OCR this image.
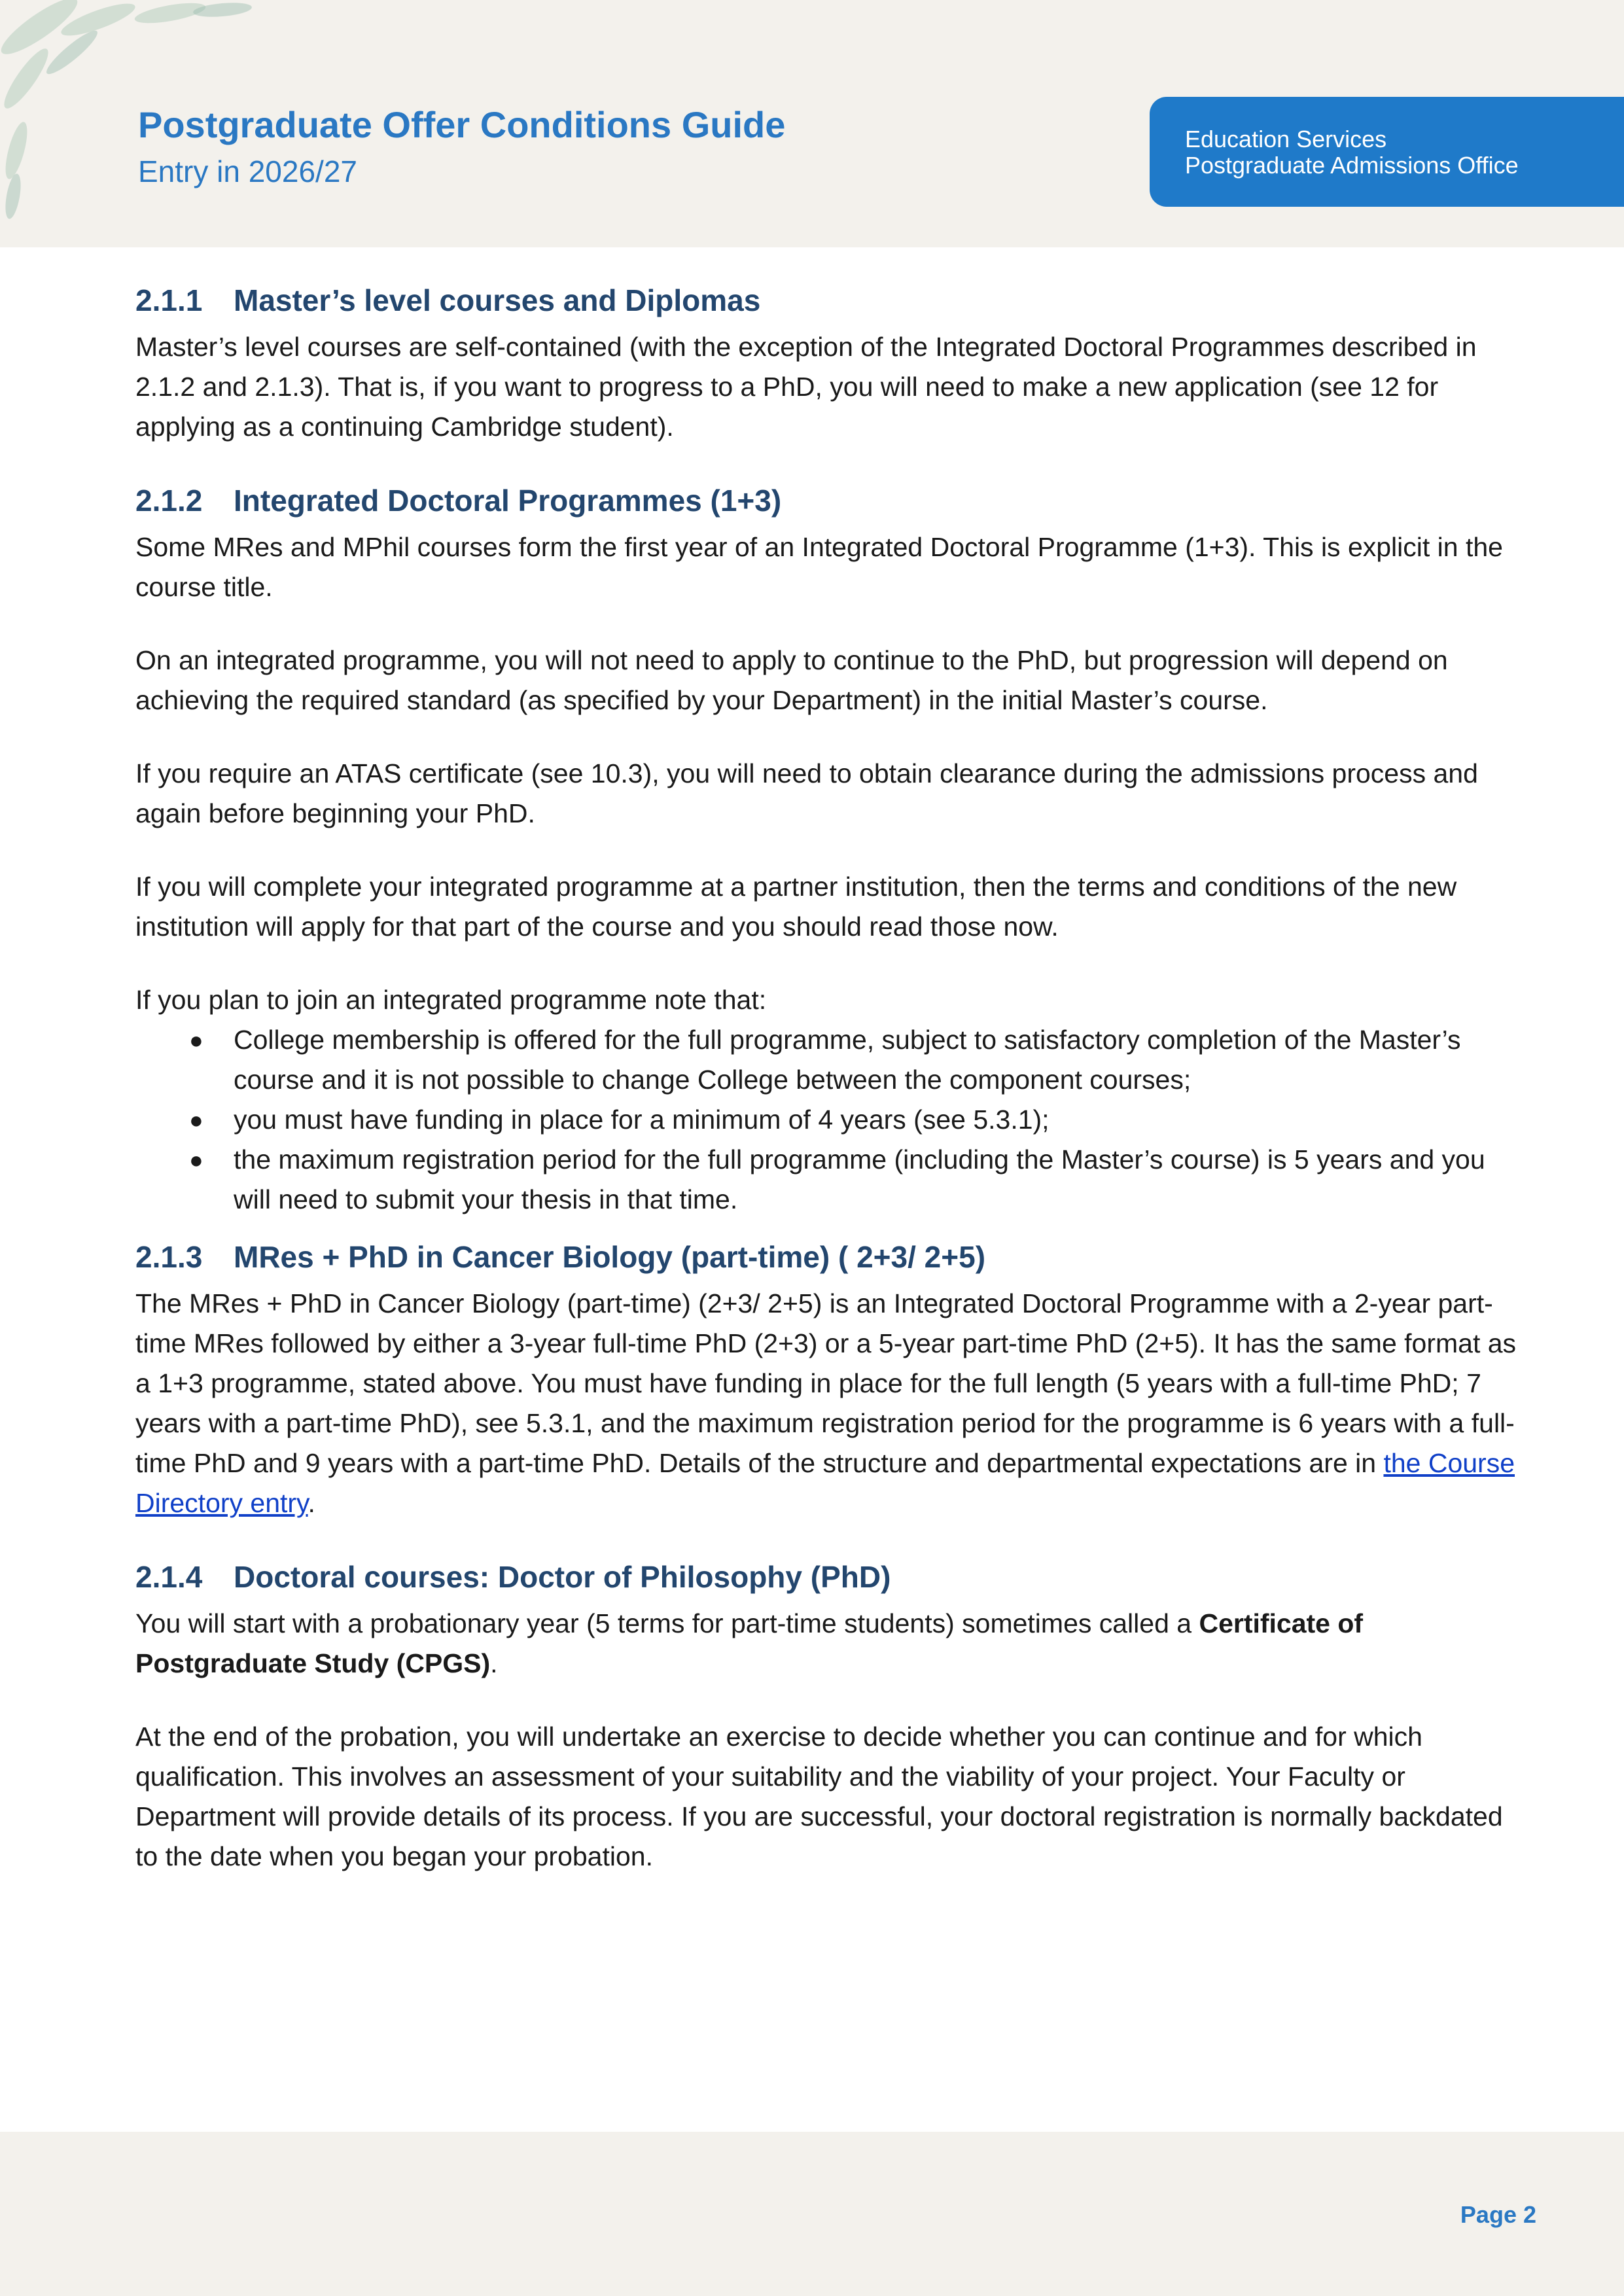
Postgraduate Offer Conditions Guide
Entry in 2026/27
Education Services
Postgraduate Admissions Office
2.1.1 Master’s level courses and Diplomas

Master’s level courses are self-contained (with the exception of the Integrated Doctoral Programmes described in 2.1.2 and 2.1.3). That is, if you want to progress to a PhD, you will need to make a new application (see 12 for applying as a continuing Cambridge student).

2.1.2 Integrated Doctoral Programmes (1+3)

Some MRes and MPhil courses form the first year of an Integrated Doctoral Programme (1+3). This is explicit in the course title.

On an integrated programme, you will not need to apply to continue to the PhD, but progression will depend on achieving the required standard (as specified by your Department) in the initial Master’s course.

If you require an ATAS certificate (see 10.3), you will need to obtain clearance during the admissions process and again before beginning your PhD.

If you will complete your integrated programme at a partner institution, then the terms and conditions of the new institution will apply for that part of the course and you should read those now.

If you plan to join an integrated programme note that:

● College membership is offered for the full programme, subject to satisfactory completion of the Master’s course and it is not possible to change College between the component courses;
● you must have funding in place for a minimum of 4 years (see 5.3.1);
● the maximum registration period for the full programme (including the Master’s course) is 5 years and you will need to submit your thesis in that time.
2.1.3 MRes + PhD in Cancer Biology (part-time) ( 2+3/ 2+5)

The MRes + PhD in Cancer Biology (part-time) (2+3/ 2+5) is an Integrated Doctoral Programme with a 2-year part-time MRes followed by either a 3-year full-time PhD (2+3) or a 5-year part-time PhD (2+5). It has the same format as a 1+3 programme, stated above. You must have funding in place for the full length (5 years with a full-time PhD; 7 years with a part-time PhD), see 5.3.1, and the maximum registration period for the programme is 6 years with a full-time PhD and 9 years with a part-time PhD. Details of the structure and departmental expectations are in the Course Directory entry.

2.1.4 Doctoral courses: Doctor of Philosophy (PhD)

You will start with a probationary year (5 terms for part-time students) sometimes called a Certificate of Postgraduate Study (CPGS).

At the end of the probation, you will undertake an exercise to decide whether you can continue and for which qualification. This involves an assessment of your suitability and the viability of your project. Your Faculty or Department will provide details of its process. If you are successful, your doctoral registration is normally backdated to the date when you began your probation.

Page 2
